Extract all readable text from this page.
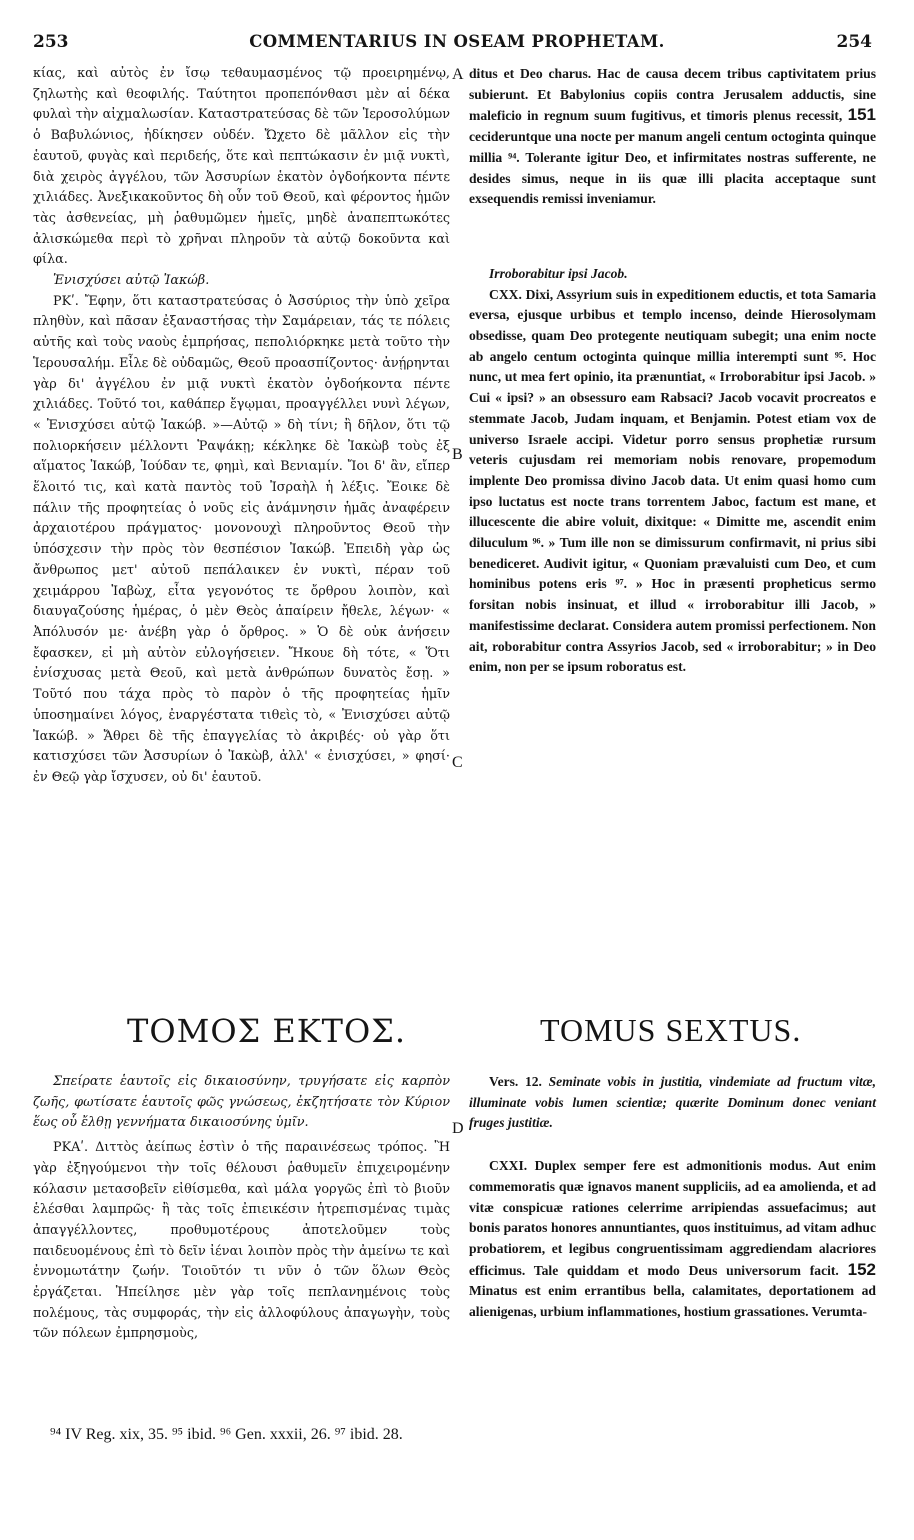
253	COMMENTARIUS IN OSEAM PROPHETAM.	254

κίας, καὶ αὐτὸς ἐν ἴσῳ τεθαυμασμένος τῷ προειρημένῳ, ζηλωτὴς καὶ θεοφιλής. Ταύτητοι προπεπόνθασι μὲν αἱ δέκα φυλαὶ τὴν αἰχμαλωσίαν. Καταστρατεύσας δὲ τῶν Ἱεροσολύμων ὁ Βαβυλώνιος, ἠδίκησεν οὐδέν. Ὤχετο δὲ μᾶλλον εἰς τὴν ἑαυτοῦ, φυγὰς καὶ περιδεής, ὅτε καὶ πεπτώκασιν ἐν μιᾷ νυκτὶ, διὰ χειρὸς ἀγγέλου, τῶν Ἀσσυρίων ἑκατὸν ὀγδοήκοντα πέντε χιλιάδες. Ἀνεξικακοῦντος δὴ οὖν τοῦ Θεοῦ, καὶ φέροντος ἡμῶν τὰς ἀσθενείας, μὴ ῥαθυμῶμεν ἡμεῖς, μηδὲ ἀναπεπτωκότες ἀλισκώμεθα περὶ τὸ χρῆναι πληροῦν τὰ αὐτῷ δοκοῦντα καὶ φίλα.

Ἐνισχύσει αὐτῷ Ἰακώβ.

ΡΚʹ. Ἔφην, ὅτι καταστρατεύσας ὁ Ἀσσύριος τὴν ὑπὸ χεῖρα πληθὺν, καὶ πᾶσαν ἐξαναστήσας τὴν Σαμάρειαν, τάς τε πόλεις αὐτῆς καὶ τοὺς ναοὺς ἐμπρήσας, πεπολιόρκηκε μετὰ τοῦτο τὴν Ἱερουσαλήμ. Εἶλε δὲ οὐδαμῶς, Θεοῦ προασπίζοντος· ἀνῄρηνται γὰρ δι' ἀγγέλου ἐν μιᾷ νυκτὶ ἑκατὸν ὀγδοήκοντα πέντε χιλιάδες. Τοῦτό τοι, καθάπερ ἔγῳμαι, προαγγέλλει νυνὶ λέγων, « Ἐνισχύσει αὐτῷ Ἰακώβ. »—Αὐτῷ » δὴ τίνι; ἢ δῆλον, ὅτι τῷ πολιορκήσειν μέλλοντι Ῥαψάκῃ; κέκληκε δὲ Ἰακὼβ τοὺς ἐξ αἵματος Ἰακώβ, Ἰούδαν τε, φημὶ, καὶ Βενιαμίν. Ἴοι δ' ἂν, εἴπερ ἕλοιτό τις, καὶ κατὰ παντὸς τοῦ Ἰσραὴλ ἡ λέξις. Ἔοικε δὲ πάλιν τῆς προφητείας ὁ νοῦς εἰς ἀνάμνησιν ἡμᾶς ἀναφέρειν ἀρχαιοτέρου πράγματος· μονονουχὶ πληροῦντος Θεοῦ τὴν ὑπόσχεσιν τὴν πρὸς τὸν θεσπέσιον Ἰακώβ. Ἐπειδὴ γὰρ ὡς ἄνθρωπος μετ' αὐτοῦ πεπάλαικεν ἐν νυκτὶ, πέραν τοῦ χειμάρρου Ἰαβὼχ, εἶτα γεγονότος τε ὄρθρου λοιπὸν, καὶ διαυγαζούσης ἡμέρας, ὁ μὲν Θεὸς ἀπαίρειν ἤθελε, λέγων· « Ἀπόλυσόν με· ἀνέβη γὰρ ὁ ὄρθρος. » Ὁ δὲ οὐκ ἀνήσειν ἔφασκεν, εἰ μὴ αὐτὸν εὐλογήσειεν. Ἤκουε δὴ τότε, « Ὅτι ἐνίσχυσας μετὰ Θεοῦ, καὶ μετὰ ἀνθρώπων δυνατὸς ἔσῃ. » Τοῦτό που τάχα πρὸς τὸ παρὸν ὁ τῆς προφητείας ἡμῖν ὑποσημαίνει λόγος, ἐναργέστατα τιθεὶς τὸ, « Ἐνισχύσει αὐτῷ Ἰακώβ. » Ἄθρει δὲ τῆς ἐπαγγελίας τὸ ἀκριβές· οὐ γὰρ ὅτι κατισχύσει τῶν Ἀσσυρίων ὁ Ἰακὼβ, ἀλλ' « ἐνισχύσει, » φησί· ἐν Θεῷ γὰρ ἴσχυσεν, οὐ δι' ἑαυτοῦ.

ditus et Deo charus. Hac de causa decem tribus captivitatem prius subierunt. Et Babylonius copiis contra Jerusalem adductis, sine maleficio in regnum suum fugitivus, et timoris plenus recessit, 151 cecideruntque una nocte per manum angeli centum octoginta quinque millia ⁹⁴. Tolerante igitur Deo, et infirmitates nostras sufferente, ne desides simus, neque in iis quæ illi placita acceptaque sunt exsequendis remissi inveniamur.

Irroborabitur ipsi Jacob.

CXX. Dixi, Assyrium suis in expeditionem eductis, et tota Samaria eversa, ejusque urbibus et templo incenso, deinde Hierosolymam obsedisse, quam Deo protegente neutiquam subegit; una enim nocte ab angelo centum octoginta quinque millia interempti sunt ⁹⁵. Hoc nunc, ut mea fert opinio, ita prænuntiat, « Irroborabitur ipsi Jacob. » Cui « ipsi? » an obsessuro eam Rabsaci? Jacob vocavit procreatos e stemmate Jacob, Judam inquam, et Benjamin. Potest etiam vox de universo Israele accipi. Videtur porro sensus prophetiæ rursum veteris cujusdam rei memoriam nobis renovare, propemodum implente Deo promissa divino Jacob data. Ut enim quasi homo cum ipso luctatus est nocte trans torrentem Jaboc, factum est mane, et illucescente die abire voluit, dixitque: « Dimitte me, ascendit enim diluculum ⁹⁶. » Tum ille non se dimissurum confirmavit, ni prius sibi benediceret. Audivit igitur, « Quoniam prævaluisti cum Deo, et cum hominibus potens eris ⁹⁷. » Hoc in præsenti propheticus sermo forsitan nobis insinuat, et illud « irroborabitur illi Jacob, » manifestissime declarat. Considera autem promissi perfectionem. Non ait, roborabitur contra Assyrios Jacob, sed « irroborabitur; » in Deo enim, non per se ipsum roboratus est.

A
B
C
D
ΤΟΜΟΣ ΕΚΤΟΣ.	TOMUS SEXTUS.

Σπείρατε ἑαυτοῖς εἰς δικαιοσύνην, τρυγήσατε εἰς καρπὸν ζωῆς, φωτίσατε ἑαυτοῖς φῶς γνώσεως, ἐκζητήσατε τὸν Κύριον ἕως οὗ ἔλθῃ γεννήματα δικαιοσύνης ὑμῖν.

ΡΚΑʹ. Διττὸς ἀείπως ἐστὶν ὁ τῆς παραινέσεως τρόπος. Ἢ γὰρ ἐξηγούμενοι τὴν τοῖς θέλουσι ῥαθυμεῖν ἐπιχειρομένην κόλασιν μετασοβεῖν εἰθίσμεθα, καὶ μάλα γοργῶς ἐπὶ τὸ βιοῦν ἑλέσθαι λαμπρῶς· ἢ τὰς τοῖς ἐπιεικέσιν ἡτρεπισμένας τιμὰς ἀπαγγέλλοντες, προθυμοτέρους ἀποτελοῦμεν τοὺς παιδευομένους ἐπὶ τὸ δεῖν ἰέναι λοιπὸν πρὸς τὴν ἀμείνω τε καὶ ἐννομωτάτην ζωήν. Τοιοῦτόν τι νῦν ὁ τῶν ὅλων Θεὸς ἐργάζεται. Ἠπείλησε μὲν γὰρ τοῖς πεπλανημένοις τοὺς πολέμους, τὰς συμφοράς, τὴν εἰς ἀλλοφύλους ἀπαγωγὴν, τοὺς τῶν πόλεων ἐμπρησμοὺς,

Vers. 12. Seminate vobis in justitia, vindemiate ad fructum vitæ, illuminate vobis lumen scientiæ; quærite Dominum donec veniant fruges justitiæ.

CXXI. Duplex semper fere est admonitionis modus. Aut enim commemoratis quæ ignavos manent suppliciis, ad ea amolienda, et ad vitæ conspicuæ rationes celerrime arripiendas assuefacimus; aut bonis paratos honores annuntiantes, quos instituimus, ad vitam adhuc probatiorem, et legibus congruentissimam aggrediendam alacriores efficimus. Tale quiddam et modo Deus universorum facit. 152 Minatus est enim errantibus bella, calamitates, deportationem ad alienigenas, urbium inflammationes, hostium grassationes. Verumta-

⁹⁴ IV Reg. xix, 35. ⁹⁵ ibid. ⁹⁶ Gen. xxxii, 26. ⁹⁷ ibid. 28.
